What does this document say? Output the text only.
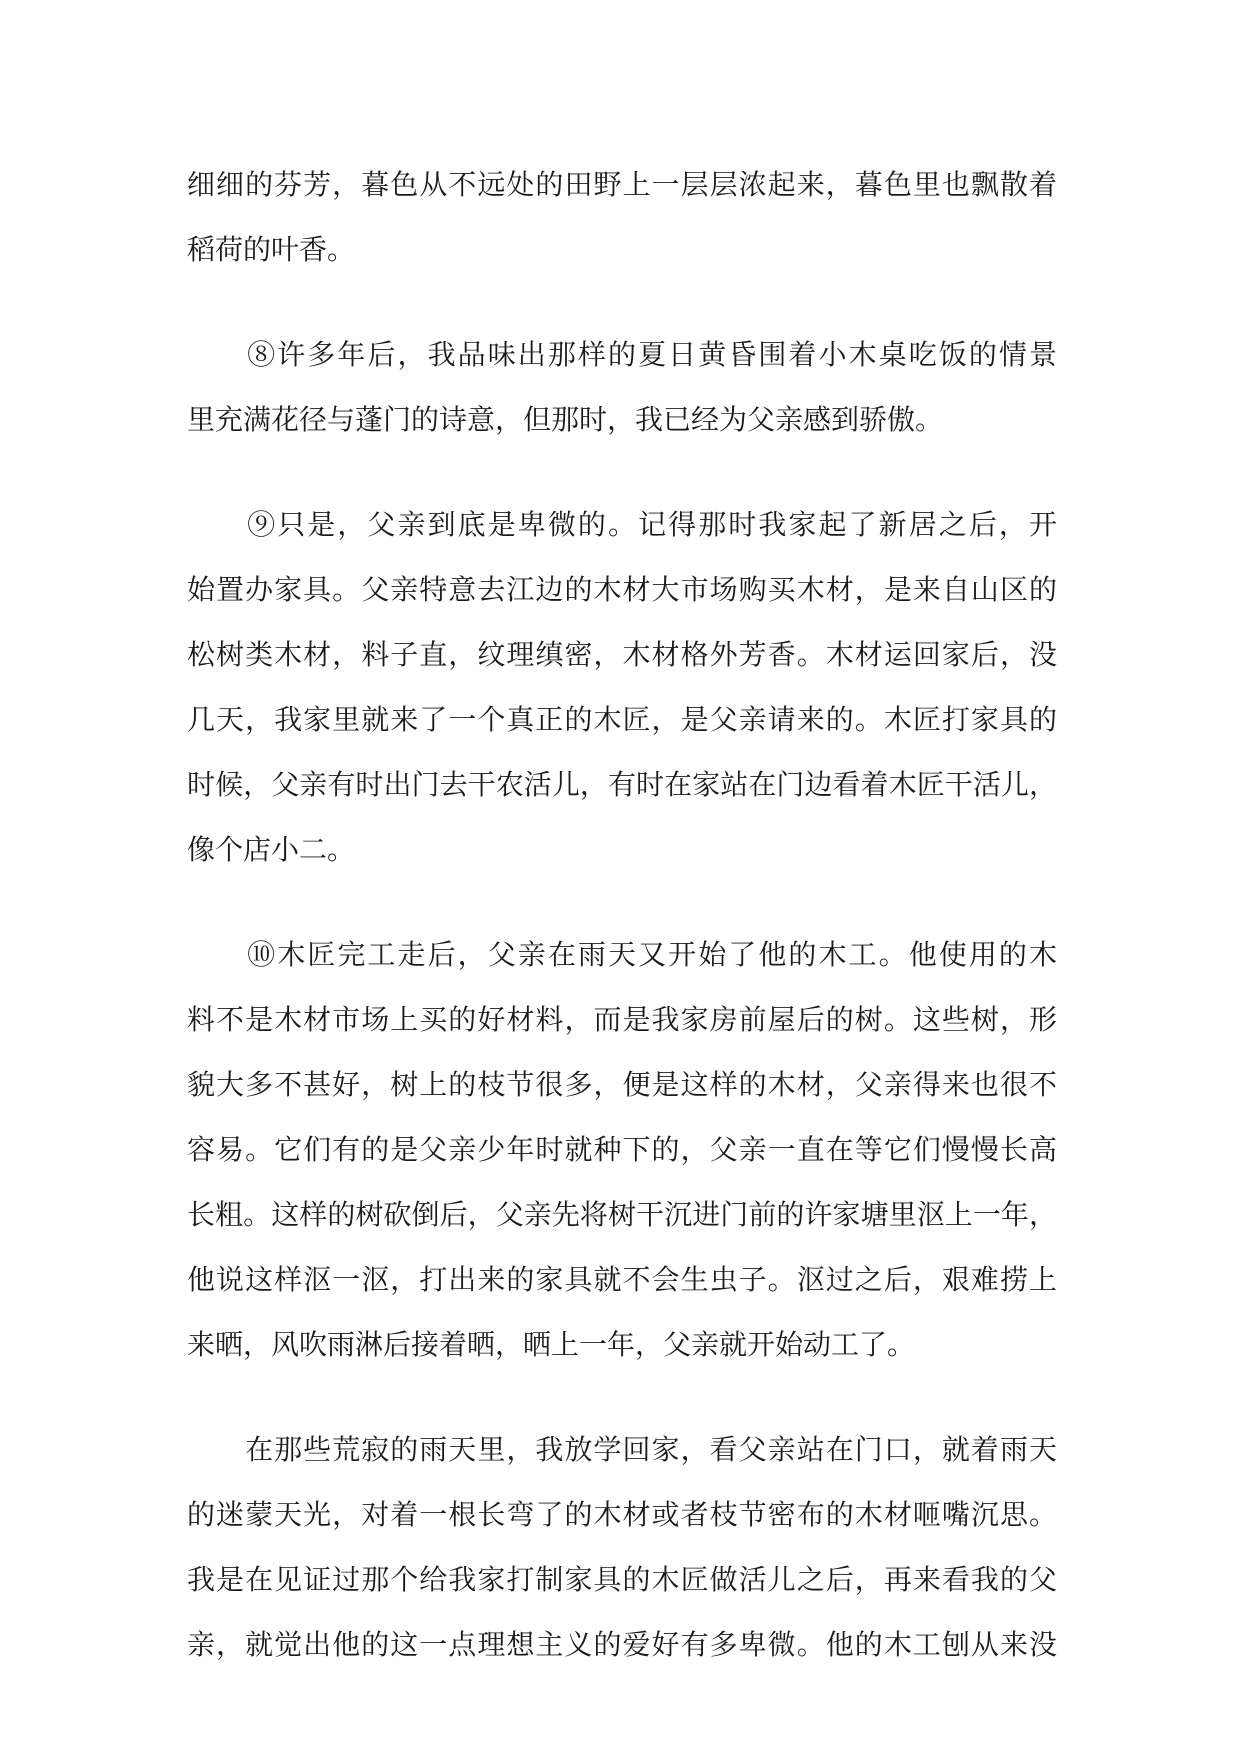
细细的芬芳，暮色从不远处的田野上一层层浓起来，暮色里也飘散着
稻荷的叶香。

　　⑧许多年后，我品味出那样的夏日黄昏围着小木桌吃饭的情景
里充满花径与蓬门的诗意，但那时，我已经为父亲感到骄傲。

　　⑨只是，父亲到底是卑微的。记得那时我家起了新居之后，开
始置办家具。父亲特意去江边的木材大市场购买木材，是来自山区的
松树类木材，料子直，纹理缜密，木材格外芳香。木材运回家后，没
几天，我家里就来了一个真正的木匠，是父亲请来的。木匠打家具的
时候，父亲有时出门去干农活儿，有时在家站在门边看着木匠干活儿，
像个店小二。

　　⑩木匠完工走后，父亲在雨天又开始了他的木工。他使用的木
料不是木材市场上买的好材料，而是我家房前屋后的树。这些树，形
貌大多不甚好，树上的枝节很多，便是这样的木材，父亲得来也很不
容易。它们有的是父亲少年时就种下的，父亲一直在等它们慢慢长高
长粗。这样的树砍倒后，父亲先将树干沉进门前的许家塘里沤上一年，
他说这样沤一沤，打出来的家具就不会生虫子。沤过之后，艰难捞上
来晒，风吹雨淋后接着晒，晒上一年，父亲就开始动工了。

　　在那些荒寂的雨天里，我放学回家，看父亲站在门口，就着雨天
的迷蒙天光，对着一根长弯了的木材或者枝节密布的木材咂嘴沉思。
我是在见证过那个给我家打制家具的木匠做活儿之后，再来看我的父
亲，就觉出他的这一点理想主义的爱好有多卑微。他的木工刨从来没
